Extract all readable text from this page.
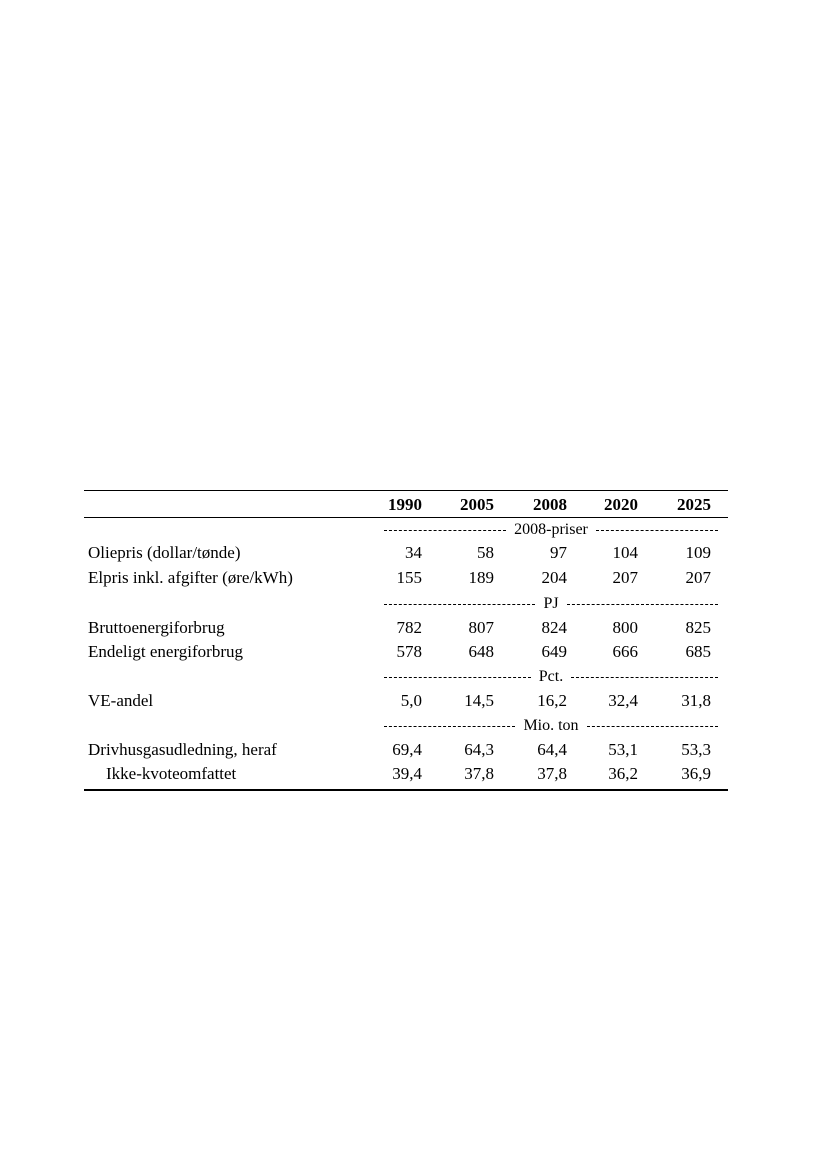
1990	2005	2008	2020	2025
2008-priser
Oliepris (dollar/tønde)	34	58	97	104	109
Elpris inkl. afgifter (øre/kWh)	155	189	204	207	207
PJ
Bruttoenergiforbrug	782	807	824	800	825
Endeligt energiforbrug	578	648	649	666	685
Pct.
VE-andel	5,0	14,5	16,2	32,4	31,8
Mio. ton
Drivhusgasudledning, heraf	69,4	64,3	64,4	53,1	53,3
Ikke-kvoteomfattet	39,4	37,8	37,8	36,2	36,9
